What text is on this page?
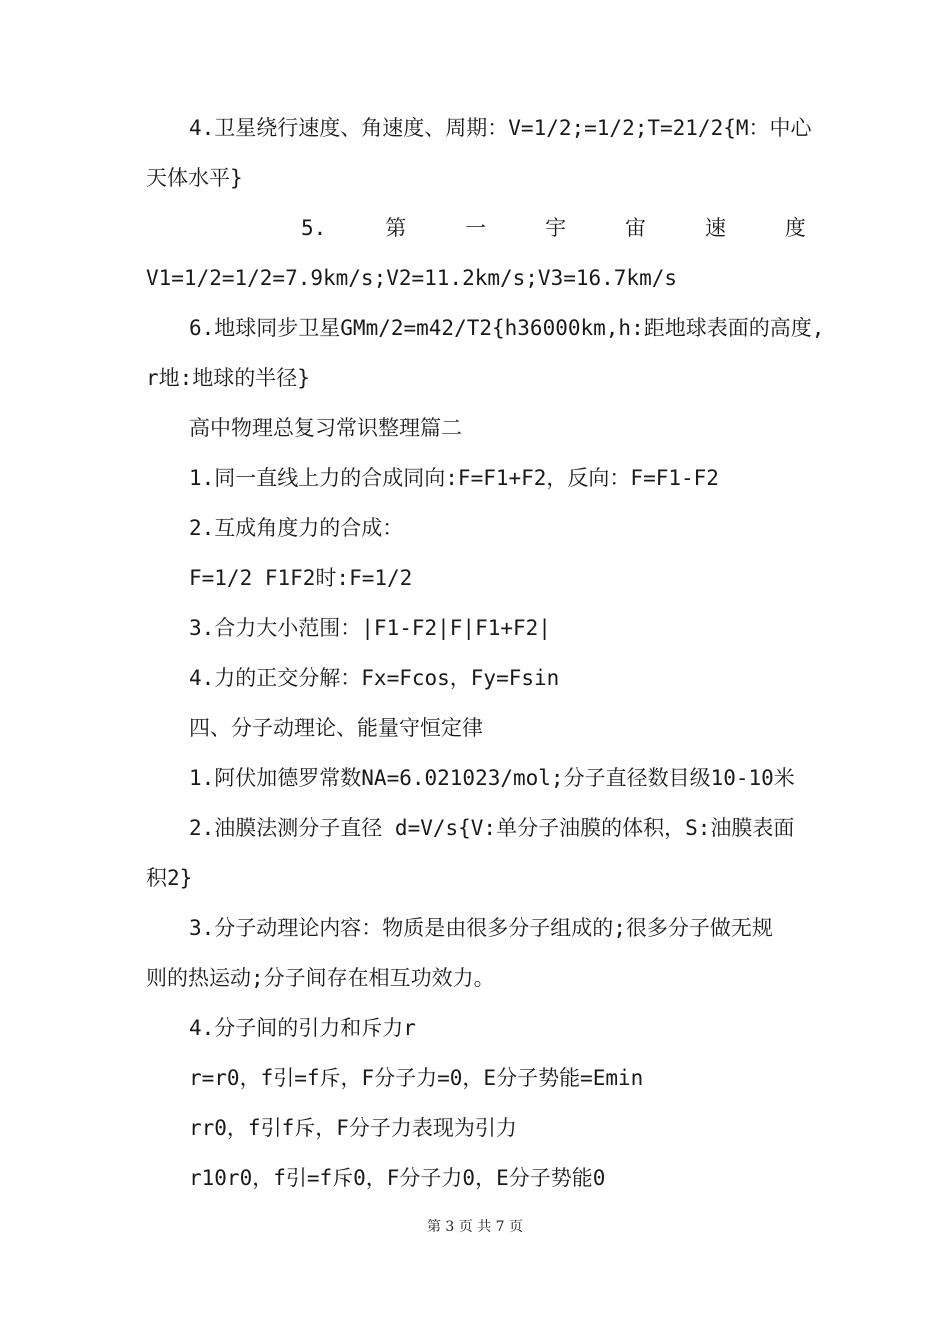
4.卫星绕行速度、角速度、周期：V=1/2;=1/2;T=21/2{M：中心

天体水平}

5.	第	一	宇	宙	速	度

V1=1/2=1/2=7.9km/s;V2=11.2km/s;V3=16.7km/s

6.地球同步卫星GMm/2=m42/T2{h36000km,h:距地球表面的高度,

r地:地球的半径}

高中物理总复习常识整理篇二

1.同一直线上力的合成同向:F=F1+F2，反向：F=F1-F2

2.互成角度力的合成：

F=1/2 F1F2时:F=1/2

3.合力大小范围：|F1-F2|F|F1+F2|

4.力的正交分解：Fx=Fcos，Fy=Fsin

四、分子动理论、能量守恒定律

1.阿伏加德罗常数NA=6.021023/mol;分子直径数目级10-10米

2.油膜法测分子直径 d=V/s{V:单分子油膜的体积，S:油膜表面

积2}

3.分子动理论内容：物质是由很多分子组成的;很多分子做无规

则的热运动;分子间存在相互功效力。

4.分子间的引力和斥力r

r=r0，f引=f斥，F分子力=0，E分子势能=Emin

rr0，f引f斥，F分子力表现为引力

r10r0，f引=f斥0，F分子力0，E分子势能0

第 3 页 共 7 页
